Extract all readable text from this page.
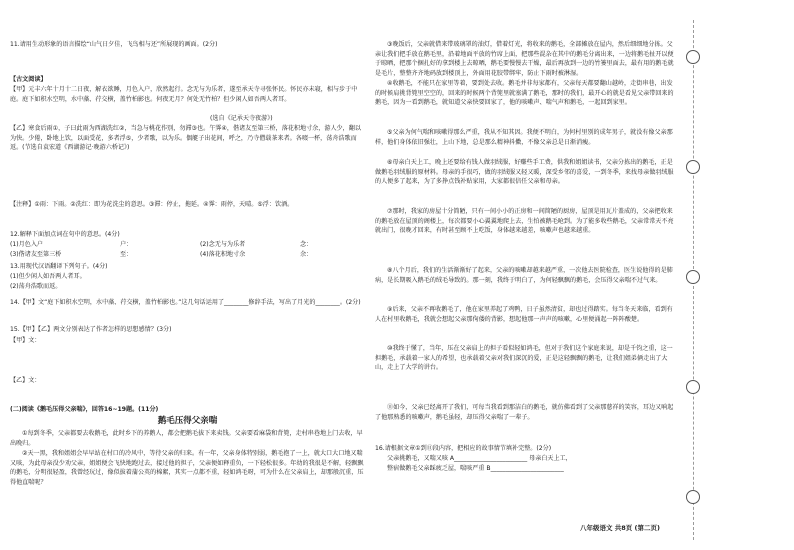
11.请用生动形象的语言描绘“山气日夕佳，飞鸟相与还”所展现的画面。(2分)

【古文阅读】

【甲】元丰六年十月十二日夜，解衣欲睡，月色入户，欣然起行。念无与为乐者，遂至承天寺寻张怀民。怀民亦未寝，相与步于中庭。庭下如积水空明，水中藻、荇交横，盖竹柏影也。何夜无月？何处无竹柏？但少闲人如吾两人者耳。

(选自《记承天寺夜游》)

【乙】寒食后雨①，子曰此雨为西湖洗红②，当急与桃花作别，勿滞③也。午霁④，偕诸友至第三桥，落花积地寸余，游人少，翻以为快。少倦，卧地上饮，以面受花，多者浮⑤，少者歌，以为乐。偶艇子出花间，呼之，乃寺僧载茶来者。各啜一杯，荡舟浩歌而返。(节选自袁宏道《西湖游记·晚游六桥记》)

【注释】①雨：下雨。②洗红：即为花洗尘的意思。③滞：停止，拖延。④霁：雨停，天晴。⑤浮：饮酒。

12.解释下面加点词在句中的意思。(4分)

(1)月色入户	户：	(2)念无与为乐者	念：

(3)偕诸友至第三桥	至：	(4)落花积地寸余	余：

13.用现代汉语翻译下列句子。(4分)

(1)但少闲人如吾两人者耳。

(2)荡舟浩歌而返。

14.【甲】文“庭下如积水空明，水中藻、荇交横，盖竹柏影也。”这几句话运用了________修辞手法，写出了月光的________。(2分)

15.【甲】【乙】两文分别表达了作者怎样的思想感情？(3分)

【甲】文：

【乙】文：

(二)阅读《鹅毛压得父亲喘》，回答16~19题。(11分)

鹅毛压得父亲喘

①每到冬季，父亲都要去收鹅毛，此时乡下的养鹅人，都会把鹅毛拔下来卖钱。父亲要看麻袋和背篼，走村串巷地上门去收，早出晚归。

②天一黑，我和姐姐会早早站在村口的冷风中，等待父亲的归来。有一年，父亲身体特别弱，鹅毛抱了一上，就大口大口地又喘又咳，为此母亲没少劝父亲，姐姐便会飞快地跑过去，接过他的担子，父亲便如释重负，一下轻松很多。年幼的我很是不解，轻飘飘的鹅毛，分明很轻盈，我曾经玩过，像似拔着蒲公英的棉絮，其实一点都不重，轻如鸿毛呀，可为什么在父亲肩上，却那般沉重，压得他直喘呢？

③晚饭后，父亲就借来带玻璃罩的油灯，借着灯光，将收来的鹅毛，全部摊放在屋内，然后细细地分拣。父亲让我们把手放在鹅毛里，沿着地面平放的竹席上面，把那些混杂在其中的鹅毛分离出来，一边将鹅毛扯开以便于晾晒，把那个捆扎好的拿到楼上去晾晒，鹅毛要慢慢去干燥，最后再放到一边的竹篓里面去，最有用的鹅毛就是毛片，整整齐齐地码放到楼顶上，外面用花胶带绑牢，防止下雨时被淋湿。

④收鹅毛，不能只在家里等着，要到处去收。鹅毛并非每家都有，父亲每天都要翻山越岭，走街串巷，出发的时候肩挑背篼里空空的，回来的时候两个背篼里就塞满了鹅毛，那时的我们，最开心的就是看见父亲带回来的鹅毛，因为一看到鹅毛，就知道父亲快要回家了，他的咳嗽声、喘气声和鹅毛，一起回到家里。

⑤父亲为何气喘和咳嗽得那么严重，我从不知其因。我便不明白，为何村里别的成年男子，就没有像父亲那样，他们身体依旧强壮，上山下地，总是那么精神抖擞，不像父亲总是日渐消瘦。

⑥母亲白天上工，晚上还要给有钱人做羽绒服，好赚些手工费，供我和姐姐读书，父亲分拣出的鹅毛，正是做鹅毛羽绒服的原材料。母亲的手很巧，做的羽绒服又轻又暖，深受乡邻的喜爱，一到冬季，来找母亲做羽绒服的人便多了起来，为了多挣点钱补贴家用，大家都很信任父亲和母亲。

⑦那时，我家的房屋十分简陋，只有一间小小的正房和一间简陋的厨房，屋顶是用瓦片盖成的，父亲把收来的鹅毛放在屋顶的阁楼上，每次都要小心翼翼地爬上去，生怕被鹅毛呛到。为了能多收些鹅毛，父亲常常天不亮就出门，很晚才回来，有时甚至顾不上吃饭，身体越来越差，咳嗽声也越来越重。

⑧八个月后，我们的生活渐渐好了起来，父亲的咳嗽却越来越严重，一次他去医院检查，医生说他得的是肺病，是长期吸入鹅毛的绒毛导致的。那一刻，我终于明白了，为何轻飘飘的鹅毛，会压得父亲喘不过气来。

⑨后来，父亲不再收鹅毛了，他在家里养起了鸡鸭，日子虽然清贫，却也过得踏实。每当冬天来临，看到有人在村里收鹅毛，我就会想起父亲那佝偻的背影，想起他那一声声的咳嗽，心里便涌起一阵阵酸楚。

⑩我终于懂了，当年，压在父亲肩上的担子看似轻如鸿毛，但对于我们这个家庭来说，却是千钧之重，这一担鹅毛，承载着一家人的希望，也承载着父亲对我们深沉的爱，正是这轻飘飘的鹅毛，让我们姐弟俩走出了大山，走上了大学的讲台。

⑪如今，父亲已经离开了我们，可每当我看到那洁白的鹅毛，就仿佛看到了父亲那慈祥的笑容，耳边又响起了他那熟悉的咳嗽声，鹅毛虽轻，却压得父亲喘了一辈子。

16.请根据文章①到⑪段内容，把相应的故事情节填补完整。(2分)

父亲挑鹅毛，又喘又咳 A________________________ 母亲白天上工，

整宿做鹅毛父亲踩疲乏屋，喘咳严重 B________________________

八年级语文 共8页 (第二页)
